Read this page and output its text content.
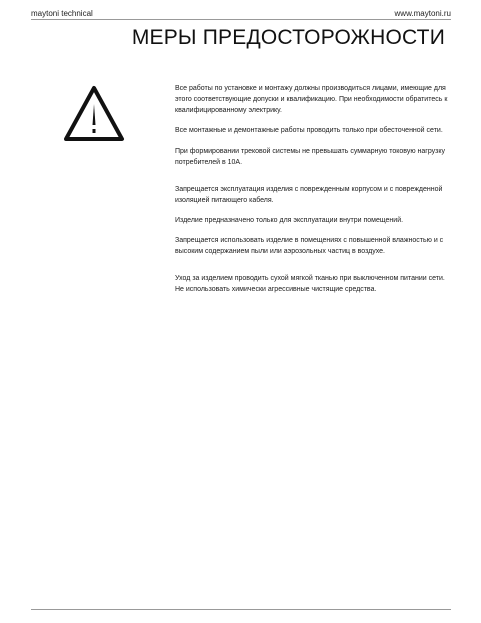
maytoni technical	www.maytoni.ru
МЕРЫ ПРЕДОСТОРОЖНОСТИ

Все работы по установке и монтажу должны производиться лицами, имеющие для этого соответствующие допуски и квалификацию. При необходимости обратитесь к квалифицированному электрику.

Все монтажные и демонтажные работы проводить только при обесточенной сети.

При формировании трековой системы не превышать суммарную токовую нагрузку потребителей в 10А.

Запрещается эксплуатация изделия с поврежденным корпусом и с поврежденной изоляцией питающего кабеля.

Изделие предназначено только для эксплуатации внутри помещений.

Запрещается использовать изделие в помещениях с повышенной влажностью и с высоким содержанием пыли или аэрозольных частиц в воздухе.

Уход за изделием проводить сухой мягкой тканью при выключенном питании сети. Не использовать химически агрессивные чистящие средства.
